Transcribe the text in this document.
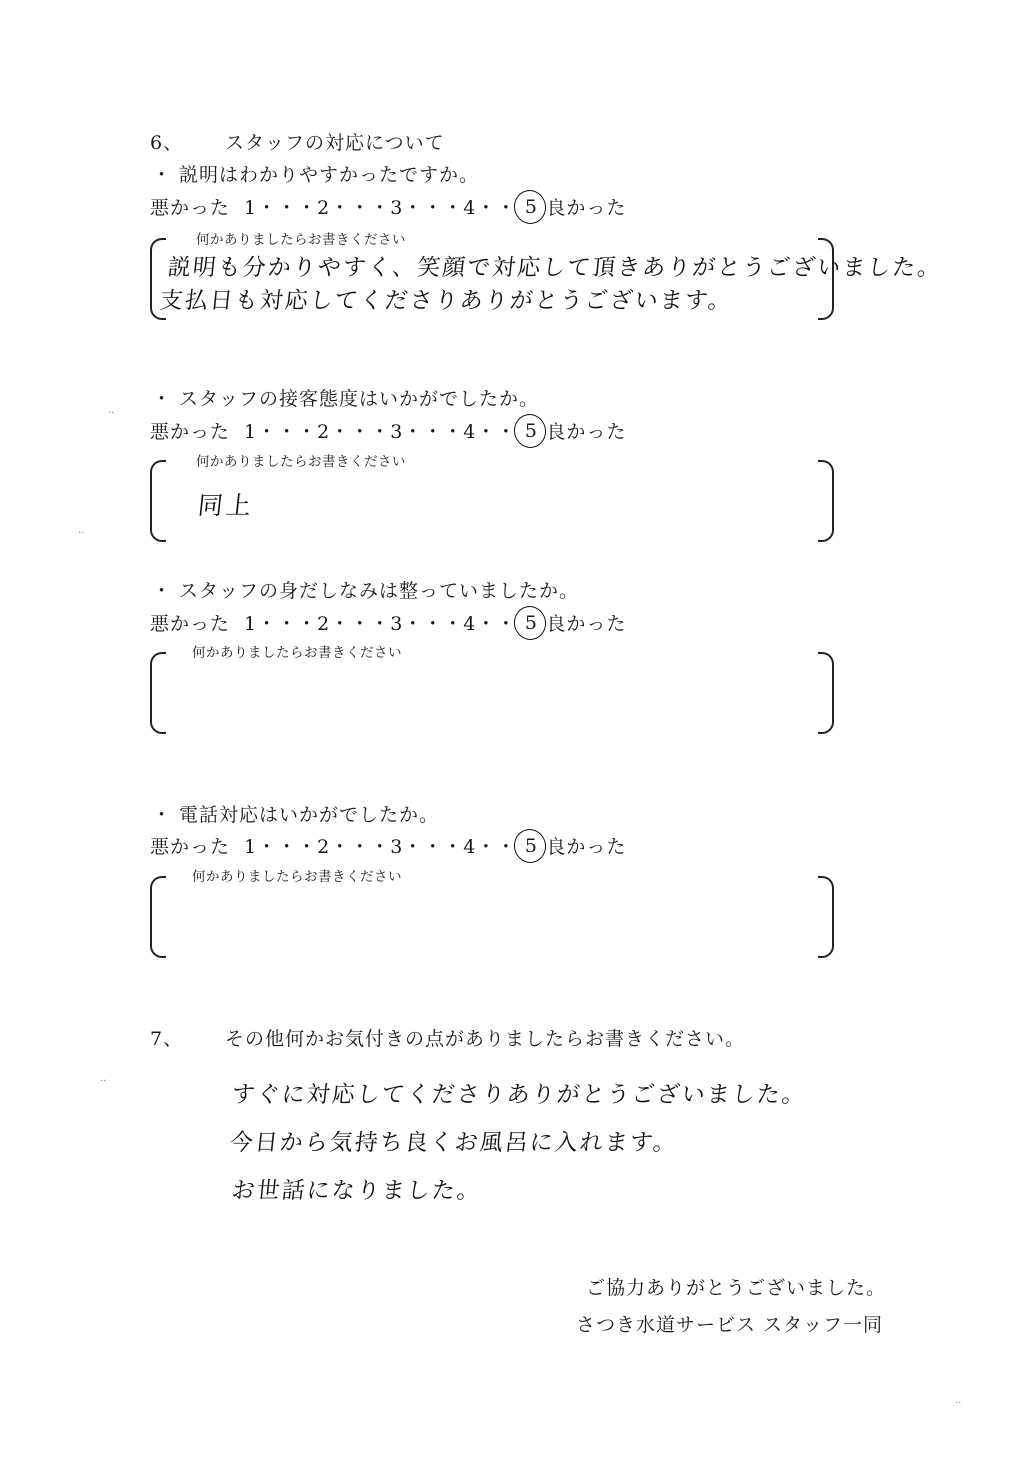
6、 スタッフの対応について
・ 説明はわかりやすかったですか。
悪かった 1・・・2・・・3・・・4・・ 5 良かった
何かありましたらお書きください
説明も分かりやすく、笑顔で対応して頂きありがとうございました。
支払日も対応してくださりありがとうございます。
・ スタッフの接客態度はいかがでしたか。
悪かった 1・・・2・・・3・・・4・・ 5 良かった
何かありましたらお書きください
同上
・ スタッフの身だしなみは整っていましたか。
悪かった 1・・・2・・・3・・・4・・ 5 良かった
何かありましたらお書きください
・ 電話対応はいかがでしたか。
悪かった 1・・・2・・・3・・・4・・ 5 良かった
何かありましたらお書きください
7、 その他何かお気付きの点がありましたらお書きください。
すぐに対応してくださりありがとうございました。
今日から気持ち良くお風呂に入れます。
お世話になりました。
ご協力ありがとうございました。
さつき水道サービス スタッフ一同
··
··
··
··
